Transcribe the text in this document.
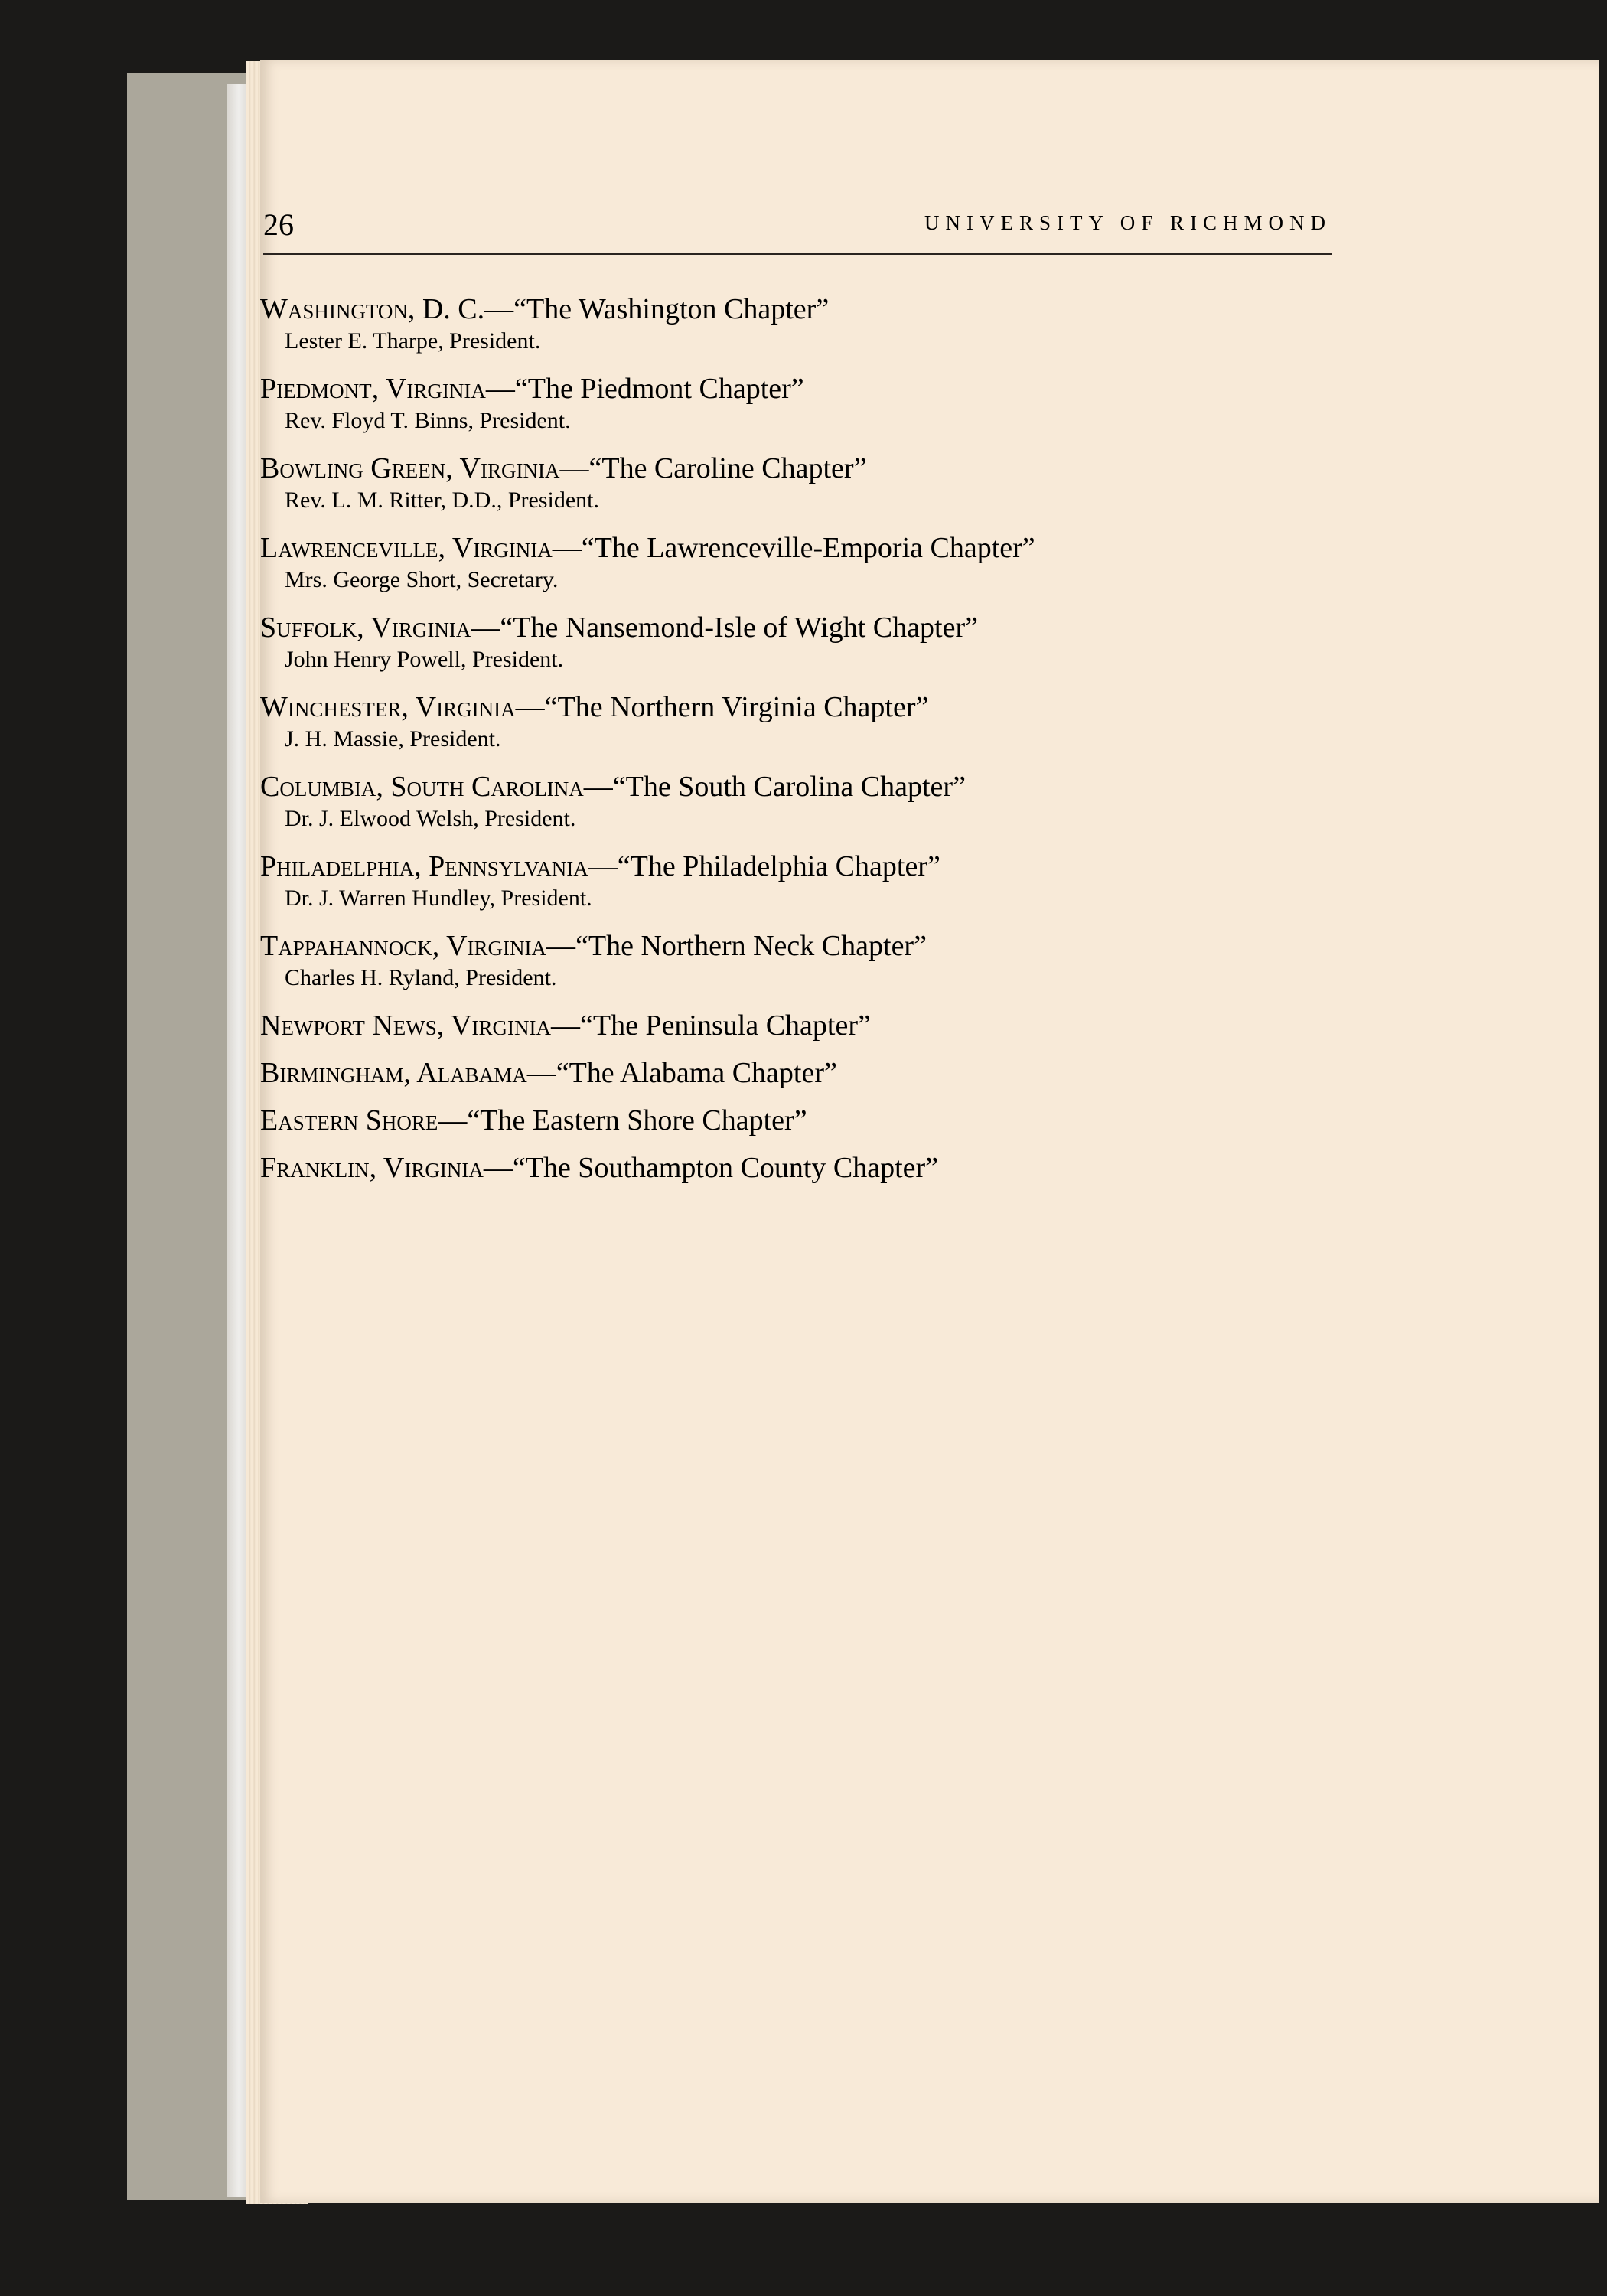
26	UNIVERSITY OF RICHMOND
Washington, D. C.—“The Washington Chapter”
Lester E. Tharpe, President.
Piedmont, Virginia—“The Piedmont Chapter”
Rev. Floyd T. Binns, President.
Bowling Green, Virginia—“The Caroline Chapter”
Rev. L. M. Ritter, D.D., President.
Lawrenceville, Virginia—“The Lawrenceville-Emporia Chapter”
Mrs. George Short, Secretary.
Suffolk, Virginia—“The Nansemond-Isle of Wight Chapter”
John Henry Powell, President.
Winchester, Virginia—“The Northern Virginia Chapter”
J. H. Massie, President.
Columbia, South Carolina—“The South Carolina Chapter”
Dr. J. Elwood Welsh, President.
Philadelphia, Pennsylvania—“The Philadelphia Chapter”
Dr. J. Warren Hundley, President.
Tappahannock, Virginia—“The Northern Neck Chapter”
Charles H. Ryland, President.
Newport News, Virginia—“The Peninsula Chapter”
Birmingham, Alabama—“The Alabama Chapter”
Eastern Shore—“The Eastern Shore Chapter”
Franklin, Virginia—“The Southampton County Chapter”
